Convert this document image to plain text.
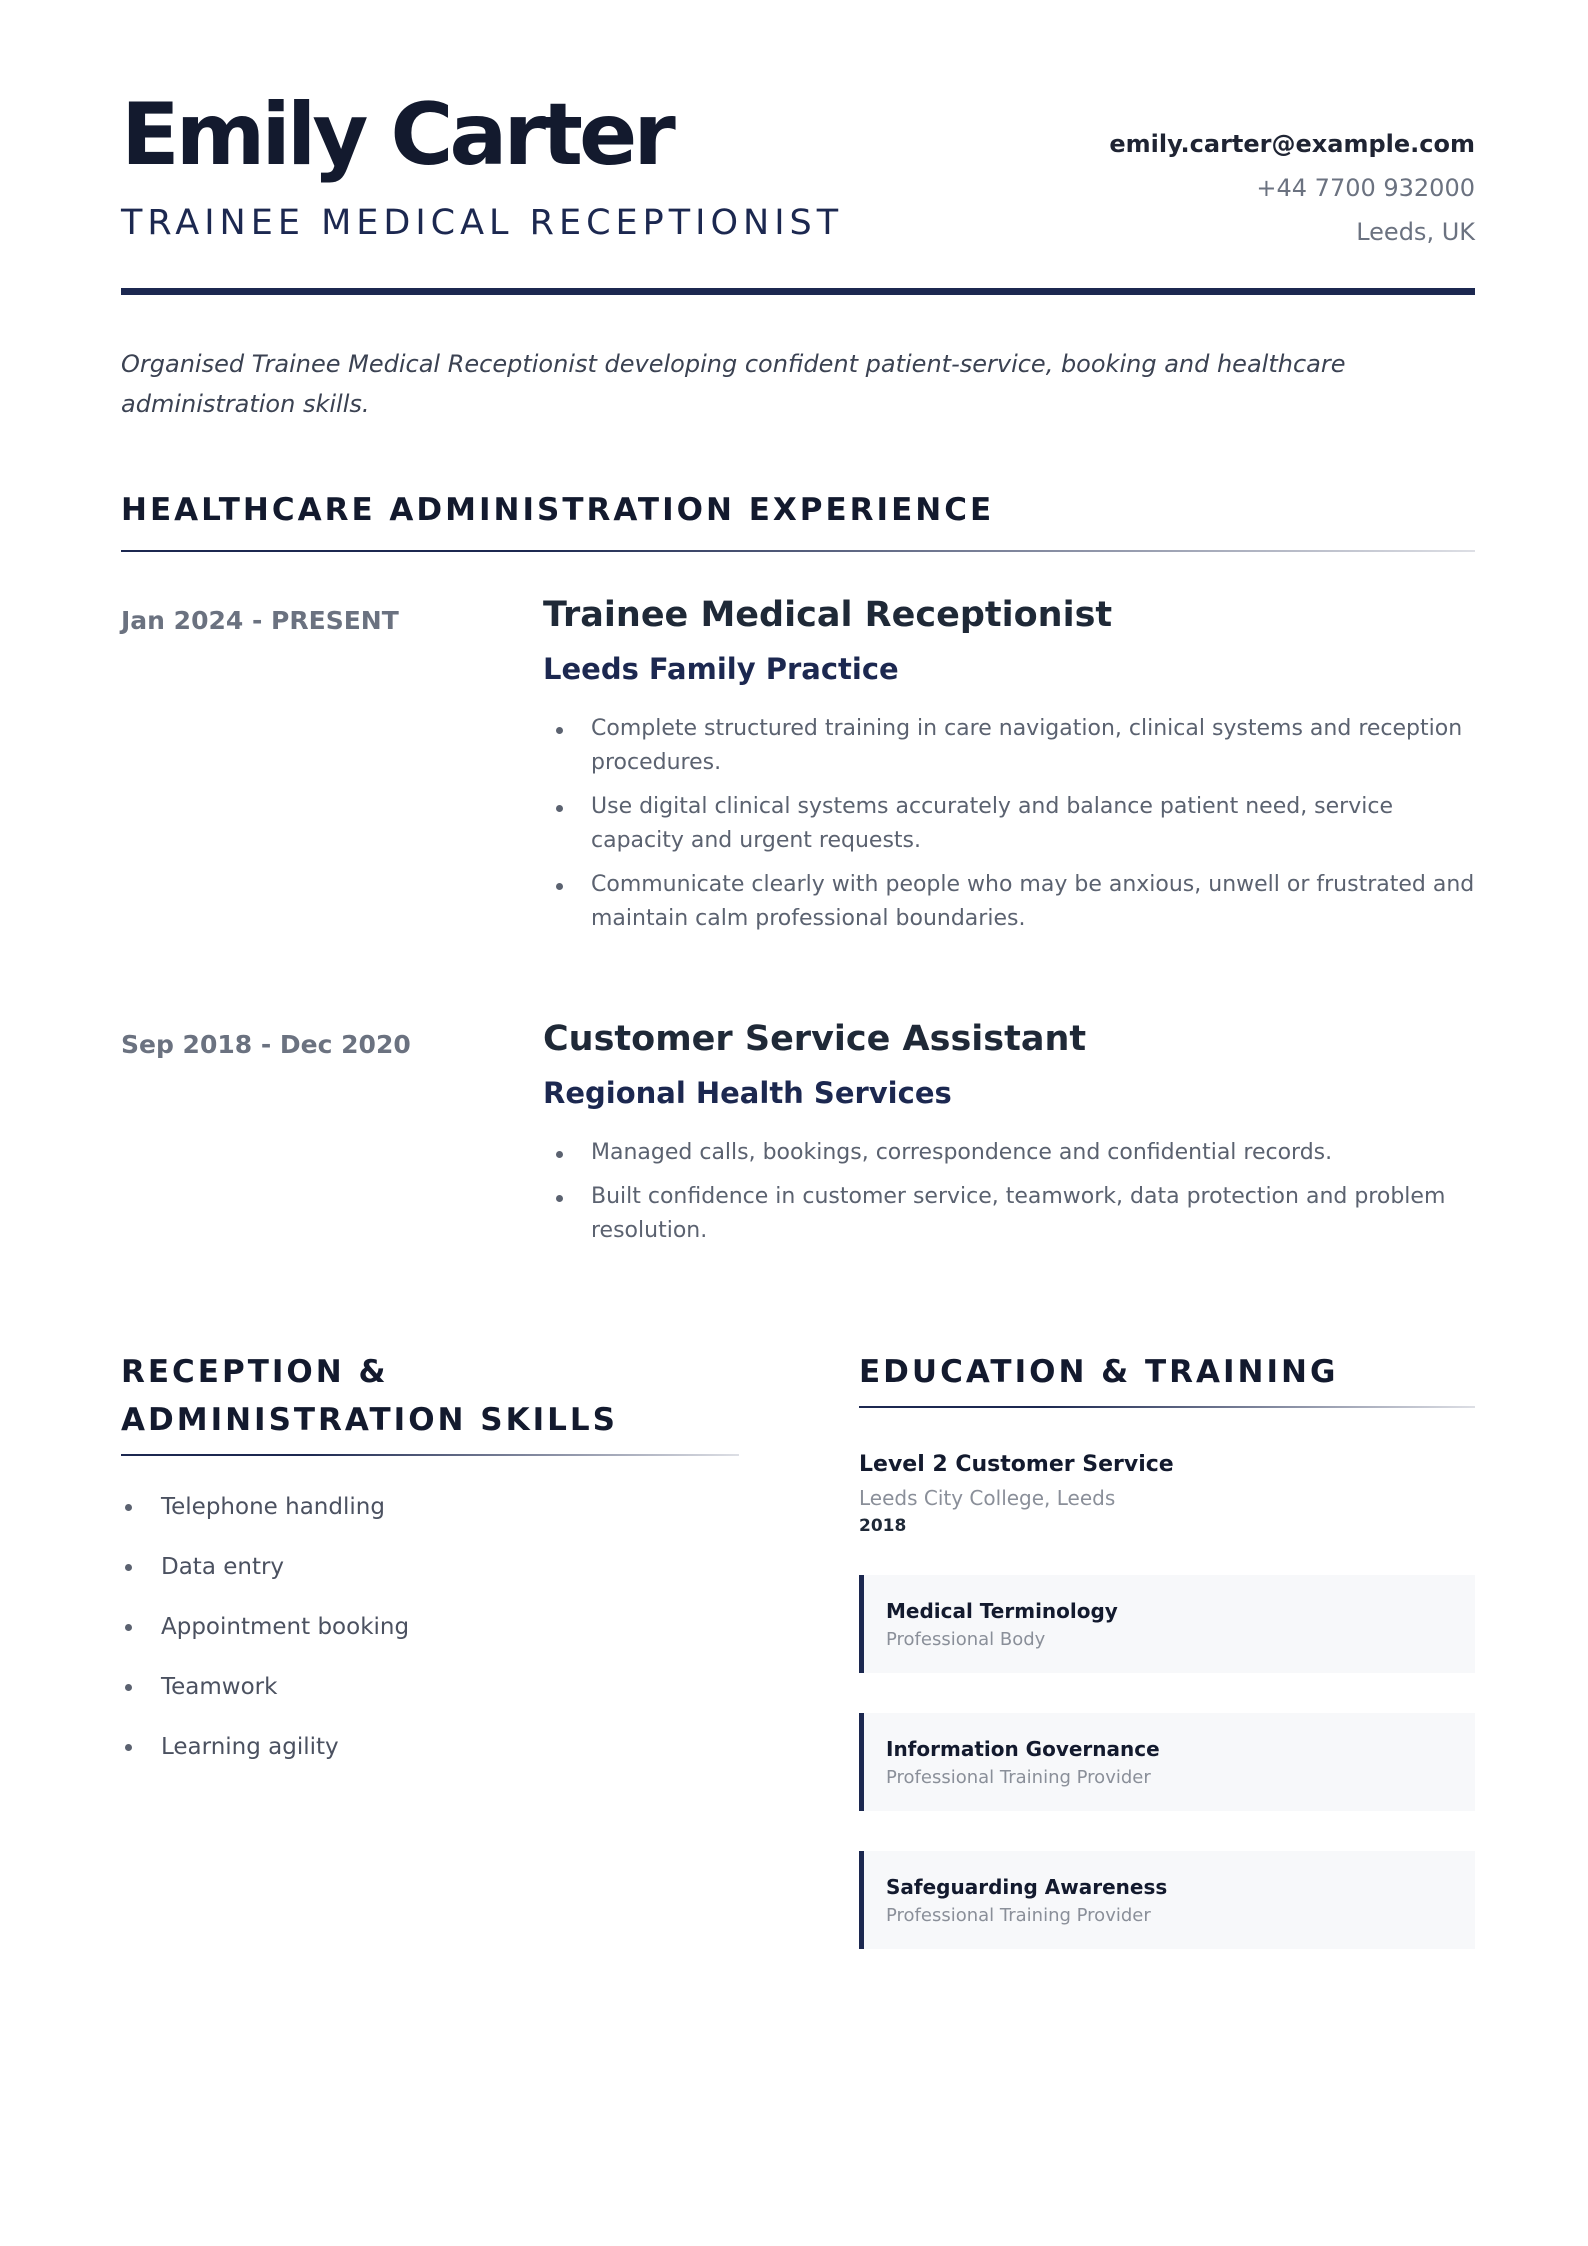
Emily Carter
TRAINEE MEDICAL RECEPTIONIST
emily.carter@example.com
+44 7700 932000
Leeds, UK
Organised Trainee Medical Receptionist developing confident patient-service, booking and healthcare administration skills.
HEALTHCARE ADMINISTRATION EXPERIENCE
Jan 2024 - PRESENT	Trainee Medical Receptionist
Leeds Family Practice
Complete structured training in care navigation, clinical systems and reception procedures.
Use digital clinical systems accurately and balance patient need, service capacity and urgent requests.
Communicate clearly with people who may be anxious, unwell or frustrated and maintain calm professional boundaries.
Sep 2018 - Dec 2020	Customer Service Assistant
Regional Health Services
Managed calls, bookings, correspondence and confidential records.
Built confidence in customer service, teamwork, data protection and problem resolution.
RECEPTION & ADMINISTRATION SKILLS
Telephone handling
Data entry
Appointment booking
Teamwork
Learning agility
EDUCATION & TRAINING
Level 2 Customer Service
Leeds City College, Leeds
2018
Medical Terminology
Professional Body
Information Governance
Professional Training Provider
Safeguarding Awareness
Professional Training Provider
